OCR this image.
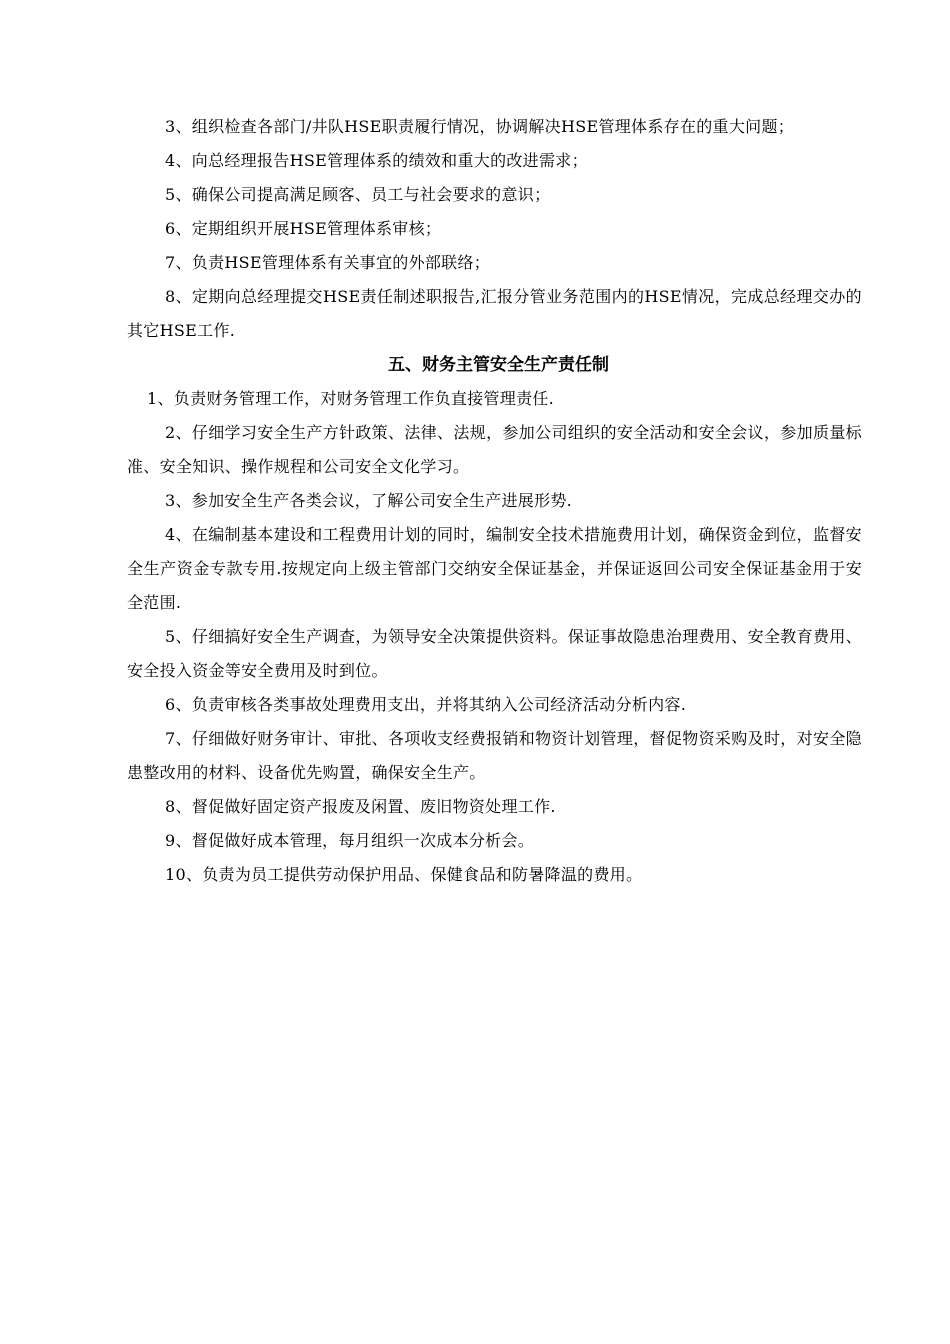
3、组织检查各部门/井队HSE职责履行情况，协调解决HSE管理体系存在的重大问题；

4、向总经理报告HSE管理体系的绩效和重大的改进需求；

5、确保公司提高满足顾客、员工与社会要求的意识；

6、定期组织开展HSE管理体系审核；

7、负责HSE管理体系有关事宜的外部联络；

8、定期向总经理提交HSE责任制述职报告,汇报分管业务范围内的HSE情况，完成总经理交办的其它HSE工作.

五、财务主管安全生产责任制

1、负责财务管理工作，对财务管理工作负直接管理责任.

2、仔细学习安全生产方针政策、法律、法规，参加公司组织的安全活动和安全会议，参加质量标准、安全知识、操作规程和公司安全文化学习。

3、参加安全生产各类会议，了解公司安全生产进展形势.

4、在编制基本建设和工程费用计划的同时，编制安全技术措施费用计划，确保资金到位，监督安全生产资金专款专用.按规定向上级主管部门交纳安全保证基金，并保证返回公司安全保证基金用于安全范围.

5、仔细搞好安全生产调查，为领导安全决策提供资料。保证事故隐患治理费用、安全教育费用、安全投入资金等安全费用及时到位。

6、负责审核各类事故处理费用支出，并将其纳入公司经济活动分析内容.

7、仔细做好财务审计、审批、各项收支经费报销和物资计划管理，督促物资采购及时，对安全隐患整改用的材料、设备优先购置，确保安全生产。

8、督促做好固定资产报废及闲置、废旧物资处理工作.

9、督促做好成本管理，每月组织一次成本分析会。

10、负责为员工提供劳动保护用品、保健食品和防暑降温的费用。
